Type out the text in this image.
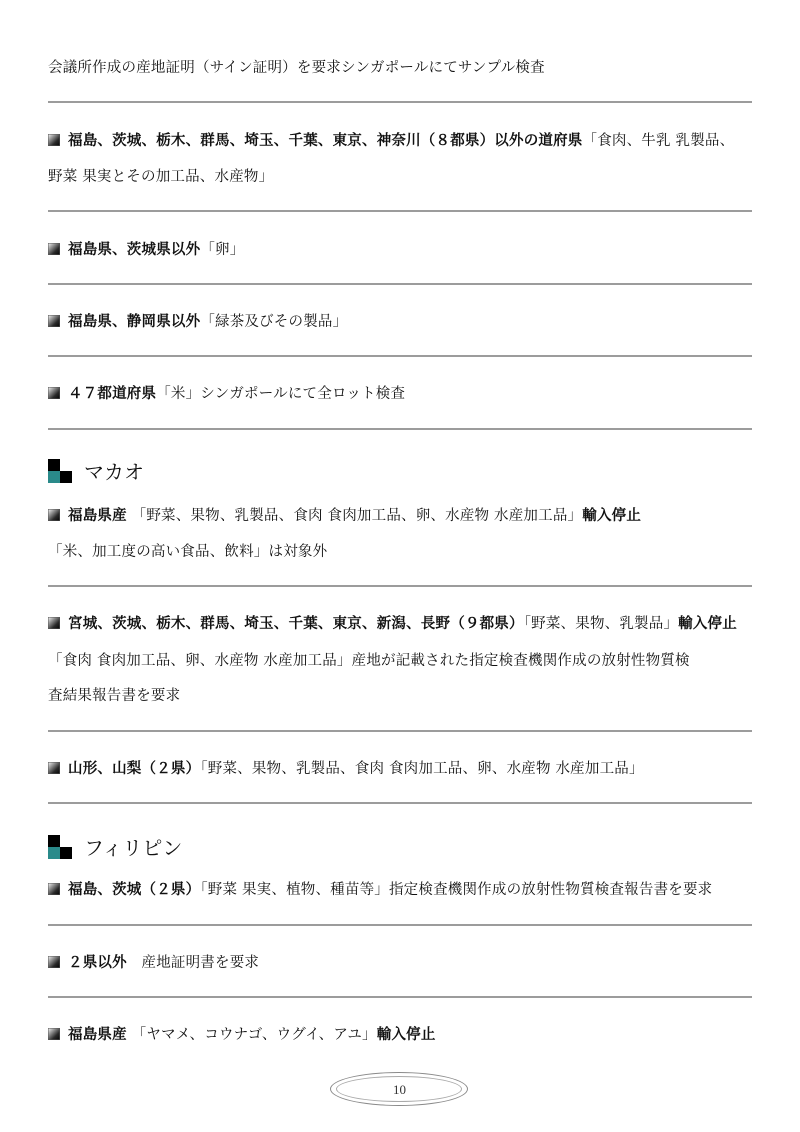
会議所作成の産地証明（サイン証明）を要求シンガポールにてサンプル検査
福島、茨城、栃木、群馬、埼玉、千葉、東京、神奈川（８都県）以外の道府県「食肉、牛乳 乳製品、
野菜 果実とその加工品、水産物」
福島県、茨城県以外「卵」
福島県、静岡県以外「緑茶及びその製品」
４７都道府県「米」シンガポールにて全ロット検査
マカオ
福島県産 「野菜、果物、乳製品、食肉 食肉加工品、卵、水産物 水産加工品」輸入停止
「米、加工度の高い食品、飲料」は対象外
宮城、茨城、栃木、群馬、埼玉、千葉、東京、新潟、長野（９都県）「野菜、果物、乳製品」輸入停止
「食肉 食肉加工品、卵、水産物 水産加工品」産地が記載された指定検査機関作成の放射性物質検
査結果報告書を要求
山形、山梨（２県）「野菜、果物、乳製品、食肉 食肉加工品、卵、水産物 水産加工品」
フィリピン
福島、茨城（２県）「野菜 果実、植物、種苗等」指定検査機関作成の放射性物質検査報告書を要求
２県以外　産地証明書を要求
福島県産 「ヤマメ、コウナゴ、ウグイ、アユ」輸入停止
10
